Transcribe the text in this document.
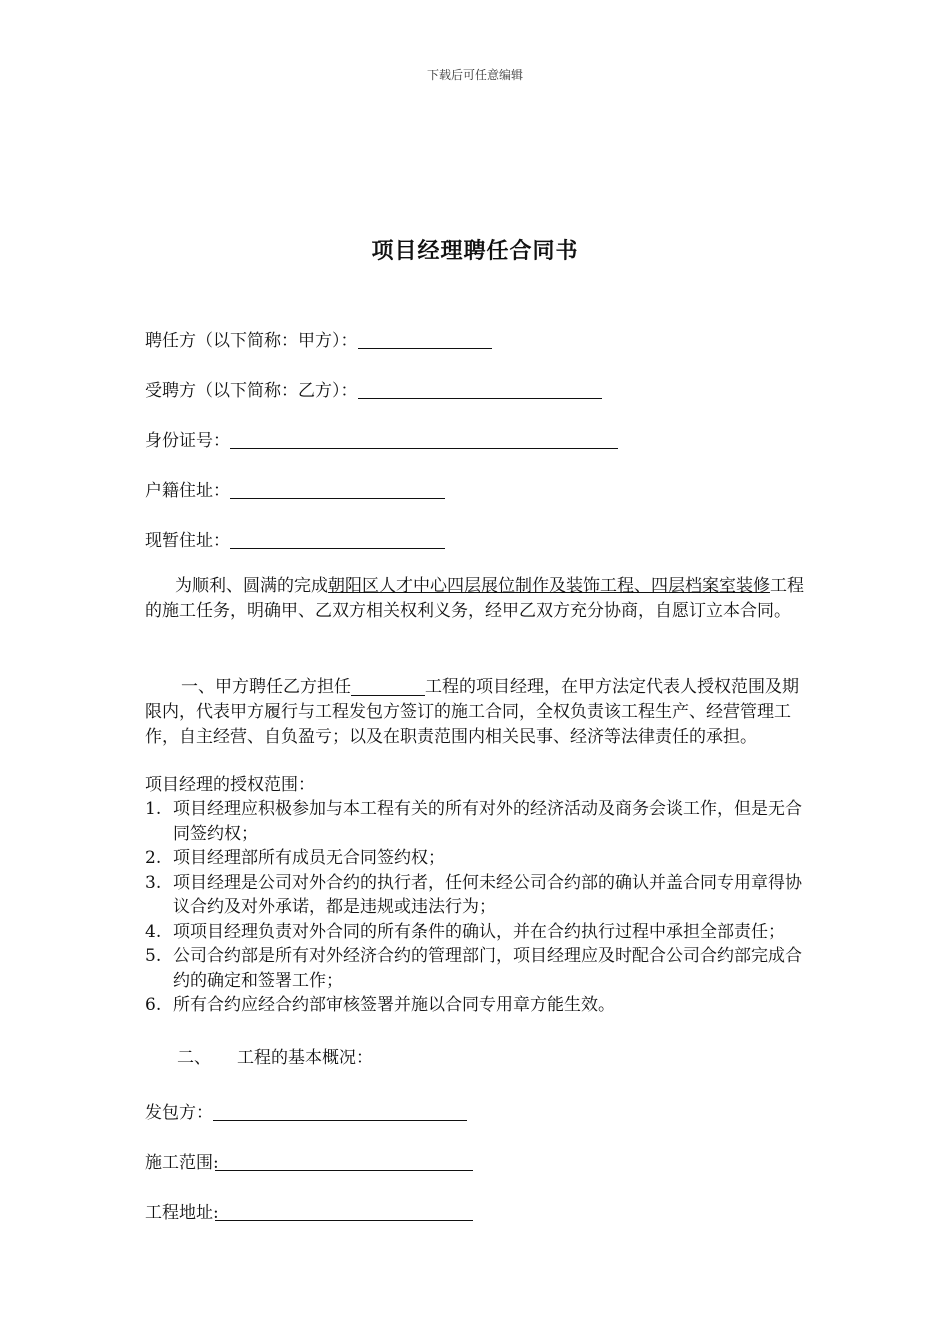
下载后可任意编辑
项目经理聘任合同书
聘任方（以下简称：甲方）：
受聘方（以下简称：乙方）：
身份证号：
户籍住址：
现暂住址：
为顺利、圆满的完成朝阳区人才中心四层展位制作及装饰工程、四层档案室装修工程的施工任务，明确甲、乙双方相关权利义务，经甲乙双方充分协商，自愿订立本合同。
一、甲方聘任乙方担任	工程的项目经理，在甲方法定代表人授权范围及期限内，代表甲方履行与工程发包方签订的施工合同，全权负责该工程生产、经营管理工作，自主经营、自负盈亏；以及在职责范围内相关民事、经济等法律责任的承担。
项目经理的授权范围：
1. 项目经理应积极参加与本工程有关的所有对外的经济活动及商务会谈工作，但是无合同签约权；
2. 项目经理部所有成员无合同签约权；
3. 项目经理是公司对外合约的执行者，任何未经公司合约部的确认并盖合同专用章得协议合约及对外承诺，都是违规或违法行为；
4. 项项目经理负责对外合同的所有条件的确认，并在合约执行过程中承担全部责任；
5. 公司合约部是所有对外经济合约的管理部门，项目经理应及时配合公司合约部完成合约的确定和签署工作；
6. 所有合约应经合约部审核签署并施以合同专用章方能生效。
二、 工程的基本概况：
发包方：
施工范围:
工程地址:
